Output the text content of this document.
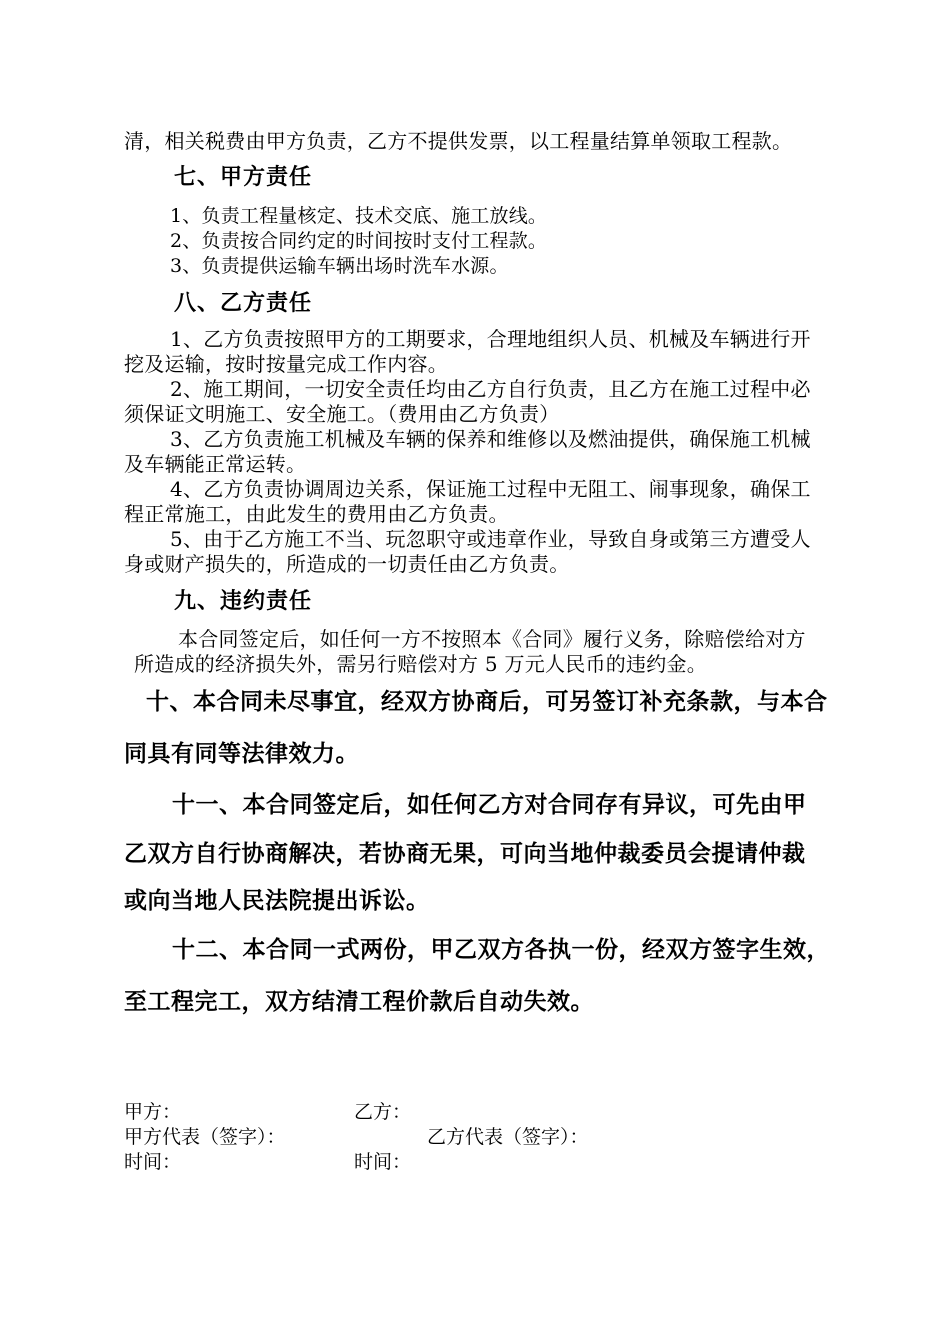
清，相关税费由甲方负责，乙方不提供发票，以工程量结算单领取工程款。
七、甲方责任
1、负责工程量核定、技术交底、施工放线。
2、负责按合同约定的时间按时支付工程款。
3、负责提供运输车辆出场时洗车水源。
八、乙方责任
1、乙方负责按照甲方的工期要求，合理地组织人员、机械及车辆进行开
挖及运输，按时按量完成工作内容。
2、施工期间，一切安全责任均由乙方自行负责，且乙方在施工过程中必
须保证文明施工、安全施工。（费用由乙方负责）
3、乙方负责施工机械及车辆的保养和维修以及燃油提供，确保施工机械
及车辆能正常运转。
4、乙方负责协调周边关系，保证施工过程中无阻工、闹事现象，确保工
程正常施工，由此发生的费用由乙方负责。
5、由于乙方施工不当、玩忽职守或违章作业，导致自身或第三方遭受人
身或财产损失的，所造成的一切责任由乙方负责。
九、违约责任
本合同签定后，如任何一方不按照本《合同》履行义务，除赔偿给对方
所造成的经济损失外，需另行赔偿对方 5 万元人民币的违约金。
十、本合同未尽事宜，经双方协商后，可另签订补充条款，与本合
同具有同等法律效力。
十一、本合同签定后，如任何乙方对合同存有异议，可先由甲
乙双方自行协商解决，若协商无果，可向当地仲裁委员会提请仲裁
或向当地人民法院提出诉讼。
十二、本合同一式两份，甲乙双方各执一份，经双方签字生效，
至工程完工，双方结清工程价款后自动失效。
甲方：	乙方：
甲方代表（签字）：	乙方代表（签字）：
时间：	时间：
